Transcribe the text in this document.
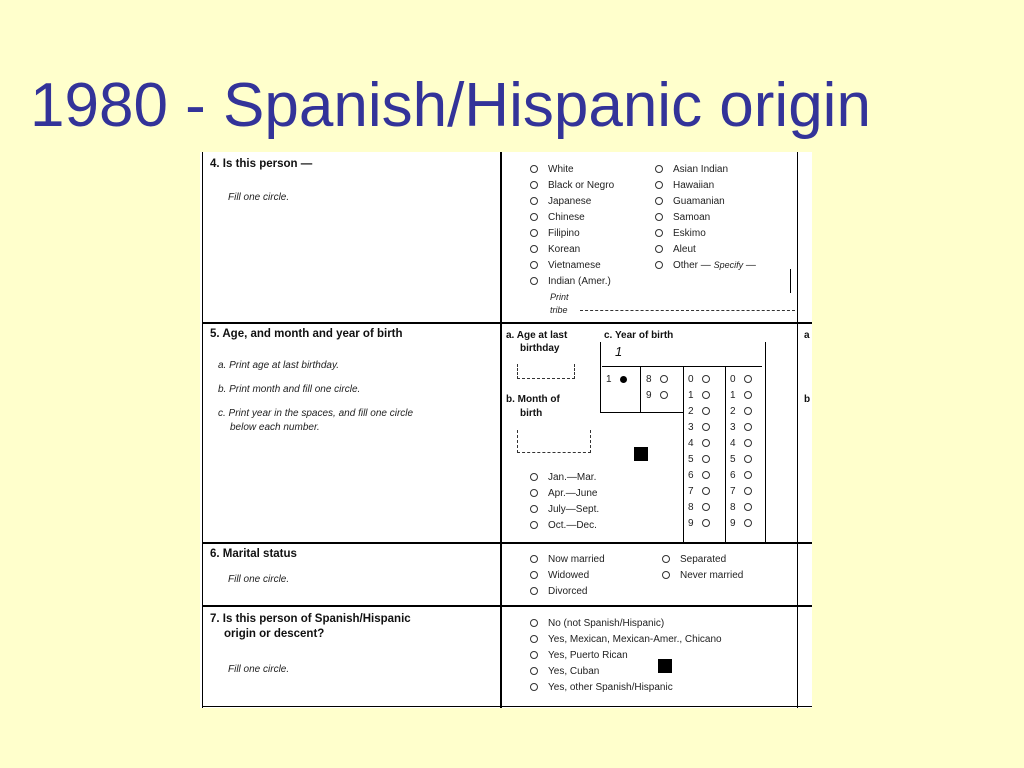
1980 - Spanish/Hispanic origin
4. Is this person —
Fill one circle.
White
Black or Negro
Japanese
Chinese
Filipino
Korean
Vietnamese
Indian (Amer.)
Print
tribe
Asian Indian
Hawaiian
Guamanian
Samoan
Eskimo
Aleut
Other — Specify —
5. Age, and month and year of birth
a. Print age at last birthday.
b. Print month and fill one circle.
c. Print year in the spaces, and fill one circle
below each number.
a. Age at last
birthday
b. Month of
birth
Jan.—Mar.
Apr.—June
July—Sept.
Oct.—Dec.
c. Year of birth
1
1	8
9
0
1
2
3
4
5
6
7
8
9
0
1
2
3
4
5
6
7
8
9
a
b
6. Marital status
Fill one circle.
Now married
Widowed
Divorced
Separated
Never married
7. Is this person of Spanish/Hispanic
origin or descent?
Fill one circle.
No (not Spanish/Hispanic)
Yes, Mexican, Mexican-Amer., Chicano
Yes, Puerto Rican
Yes, Cuban
Yes, other Spanish/Hispanic
